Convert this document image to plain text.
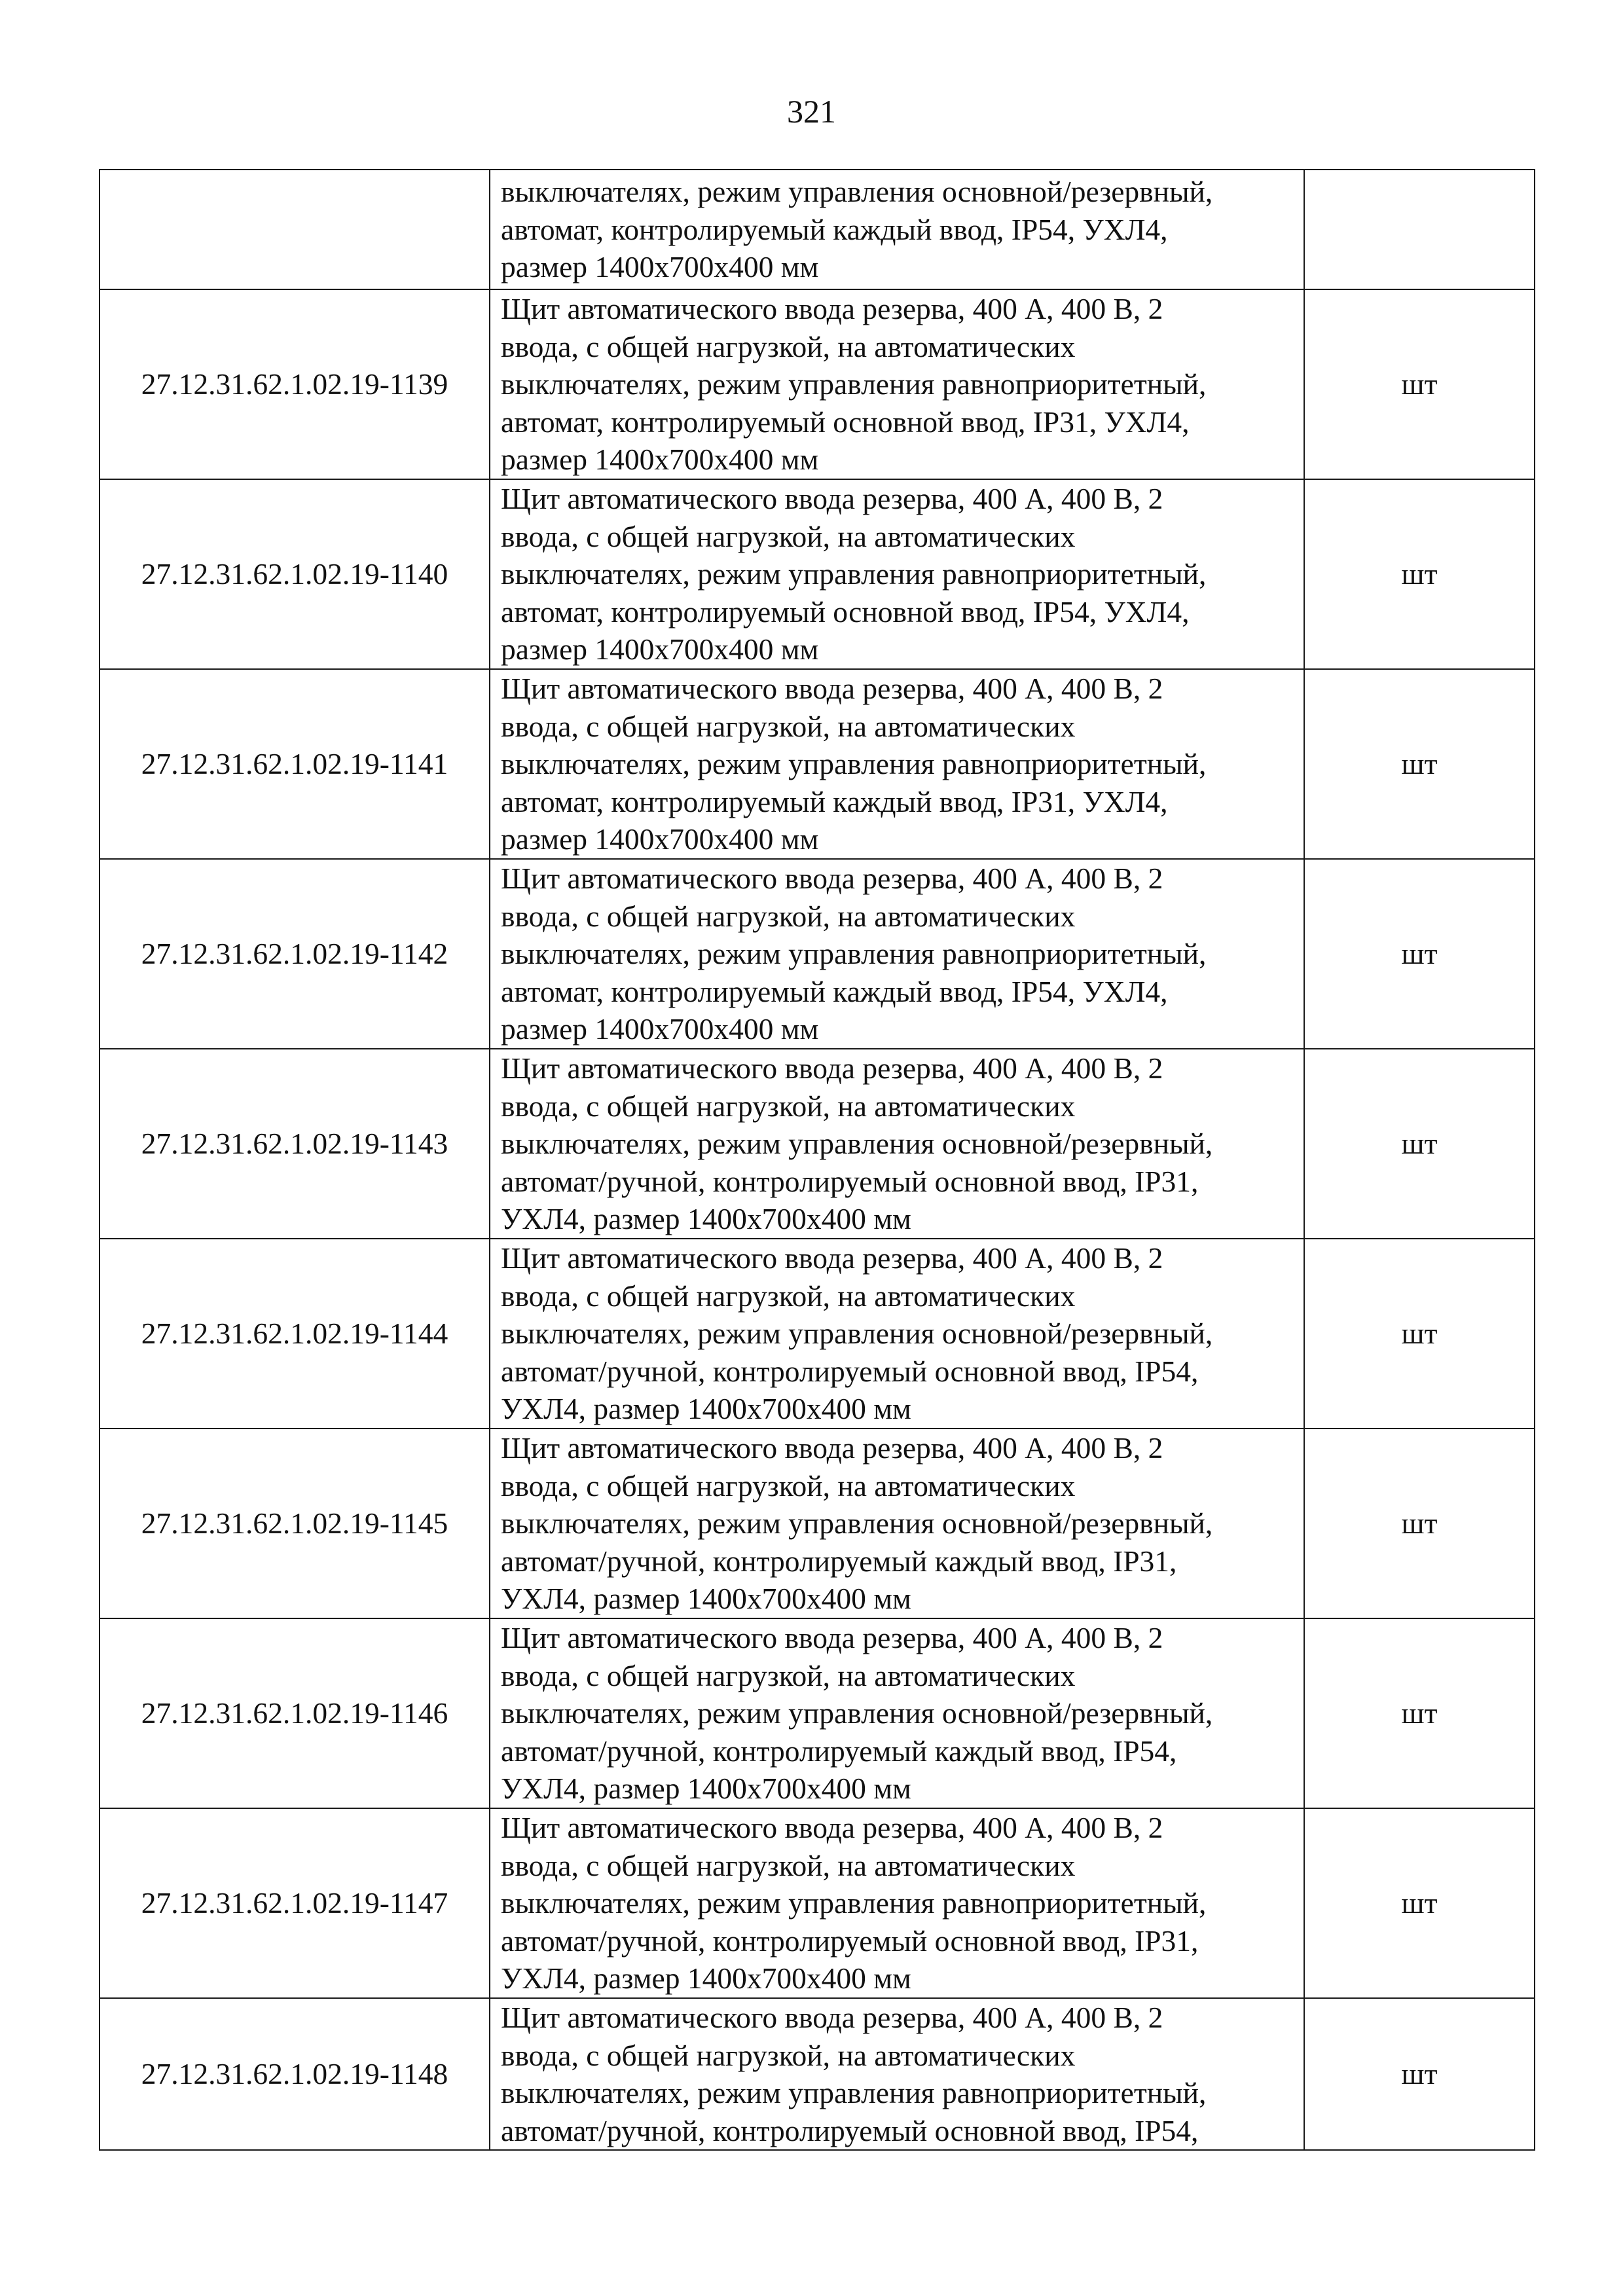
321

	выключателях, режим управления основной/резервный,
автомат, контролируемый каждый ввод, IP54, УХЛ4,
размер 1400х700х400 мм	

27.12.31.62.1.02.19-1139	Щит автоматического ввода резерва, 400 А, 400 В, 2
ввода, с общей нагрузкой, на автоматических
выключателях, режим управления равноприоритетный,
автомат, контролируемый основной ввод, IP31, УХЛ4,
размер 1400х700х400 мм	шт
27.12.31.62.1.02.19-1140	Щит автоматического ввода резерва, 400 А, 400 В, 2
ввода, с общей нагрузкой, на автоматических
выключателях, режим управления равноприоритетный,
автомат, контролируемый основной ввод, IP54, УХЛ4,
размер 1400х700х400 мм	шт
27.12.31.62.1.02.19-1141	Щит автоматического ввода резерва, 400 А, 400 В, 2
ввода, с общей нагрузкой, на автоматических
выключателях, режим управления равноприоритетный,
автомат, контролируемый каждый ввод, IP31, УХЛ4,
размер 1400х700х400 мм	шт
27.12.31.62.1.02.19-1142	Щит автоматического ввода резерва, 400 А, 400 В, 2
ввода, с общей нагрузкой, на автоматических
выключателях, режим управления равноприоритетный,
автомат, контролируемый каждый ввод, IP54, УХЛ4,
размер 1400х700х400 мм	шт
27.12.31.62.1.02.19-1143	Щит автоматического ввода резерва, 400 А, 400 В, 2
ввода, с общей нагрузкой, на автоматических
выключателях, режим управления основной/резервный,
автомат/ручной, контролируемый основной ввод, IP31,
УХЛ4, размер 1400х700х400 мм	шт
27.12.31.62.1.02.19-1144	Щит автоматического ввода резерва, 400 А, 400 В, 2
ввода, с общей нагрузкой, на автоматических
выключателях, режим управления основной/резервный,
автомат/ручной, контролируемый основной ввод, IP54,
УХЛ4, размер 1400х700х400 мм	шт
27.12.31.62.1.02.19-1145	Щит автоматического ввода резерва, 400 А, 400 В, 2
ввода, с общей нагрузкой, на автоматических
выключателях, режим управления основной/резервный,
автомат/ручной, контролируемый каждый ввод, IP31,
УХЛ4, размер 1400х700х400 мм	шт
27.12.31.62.1.02.19-1146	Щит автоматического ввода резерва, 400 А, 400 В, 2
ввода, с общей нагрузкой, на автоматических
выключателях, режим управления основной/резервный,
автомат/ручной, контролируемый каждый ввод, IP54,
УХЛ4, размер 1400х700х400 мм	шт
27.12.31.62.1.02.19-1147	Щит автоматического ввода резерва, 400 А, 400 В, 2
ввода, с общей нагрузкой, на автоматических
выключателях, режим управления равноприоритетный,
автомат/ручной, контролируемый основной ввод, IP31,
УХЛ4, размер 1400х700х400 мм	шт
27.12.31.62.1.02.19-1148	Щит автоматического ввода резерва, 400 А, 400 В, 2
ввода, с общей нагрузкой, на автоматических
выключателях, режим управления равноприоритетный,
автомат/ручной, контролируемый основной ввод, IP54,	шт
